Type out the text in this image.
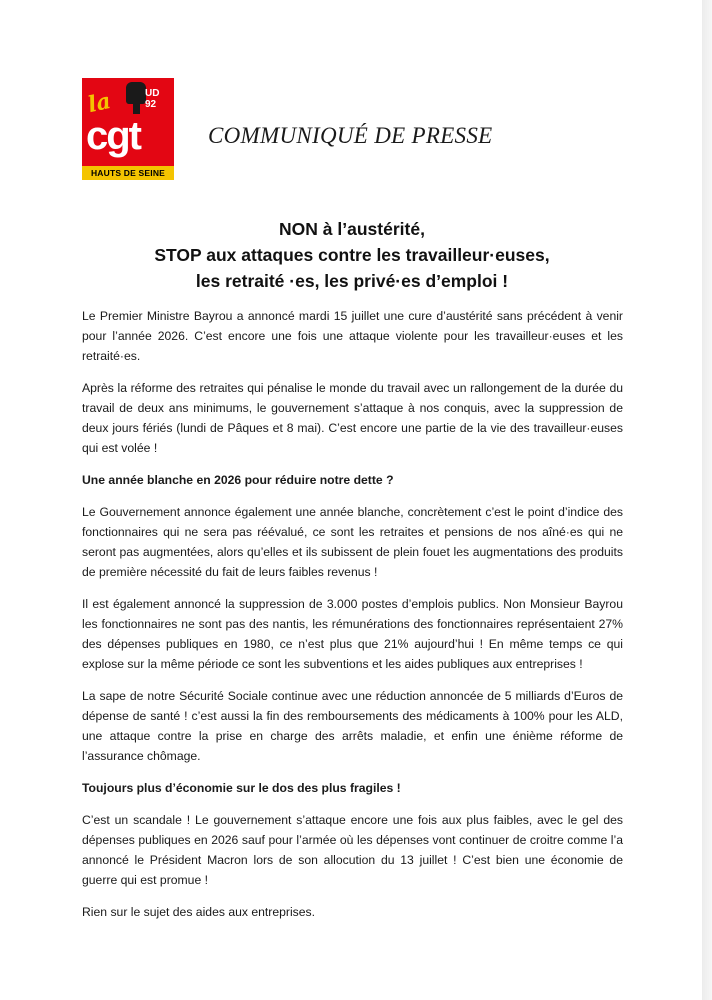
la	UD
92
cgt
HAUTS DE SEINE
COMMUNIQUÉ DE PRESSE
NON à l’austérité,
STOP aux attaques contre les travailleur·euses,
les retraité ·es, les privé·es d’emploi !

Le Premier Ministre Bayrou a annoncé mardi 15 juillet une cure d’austérité sans précédent à venir pour l’année 2026. C’est encore une fois une attaque violente pour les travailleur·euses et les retraité·es.

Après la réforme des retraites qui pénalise le monde du travail avec un rallongement de la durée du travail de deux ans minimums, le gouvernement s’attaque à nos conquis, avec la suppression de deux jours fériés (lundi de Pâques et 8 mai). C’est encore une partie de la vie des travailleur·euses qui est volée !

Une année blanche en 2026 pour réduire notre dette ?

Le Gouvernement annonce également une année blanche, concrètement c’est le point d’indice des fonctionnaires qui ne sera pas réévalué, ce sont les retraites et pensions de nos aîné·es qui ne seront pas augmentées, alors qu’elles et ils subissent de plein fouet les augmentations des produits de première nécessité du fait de leurs faibles revenus !

Il est également annoncé la suppression de 3.000 postes d’emplois publics. Non Monsieur Bayrou les fonctionnaires ne sont pas des nantis, les rémunérations des fonctionnaires représentaient 27% des dépenses publiques en 1980, ce n’est plus que 21% aujourd’hui ! En même temps ce qui explose sur la même période ce sont les subventions et les aides publiques aux entreprises !

La sape de notre Sécurité Sociale continue avec une réduction annoncée de 5 milliards d’Euros de dépense de santé ! c’est aussi la fin des remboursements des médicaments à 100% pour les ALD, une attaque contre la prise en charge des arrêts maladie, et enfin une énième réforme de l’assurance chômage.

Toujours plus d’économie sur le dos des plus fragiles !

C’est un scandale ! Le gouvernement s’attaque encore une fois aux plus faibles, avec le gel des dépenses publiques en 2026 sauf pour l’armée où les dépenses vont continuer de croitre comme l’a annoncé le Président Macron lors de son allocution du 13 juillet ! C’est bien une économie de guerre qui est promue !

Rien sur le sujet des aides aux entreprises.
